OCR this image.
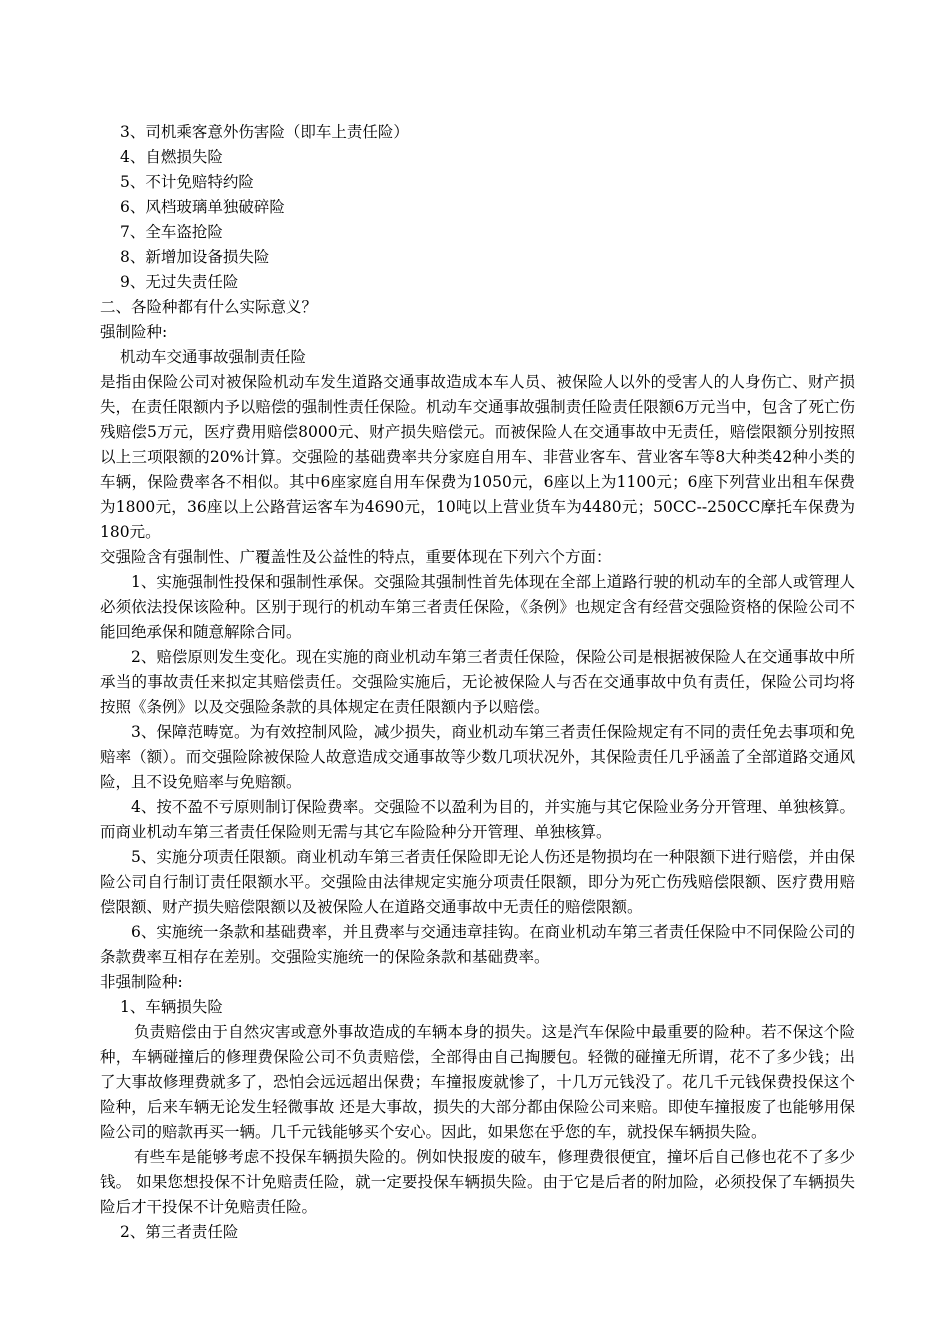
3、司机乘客意外伤害险（即车上责任险）

4、自燃损失险

5、不计免赔特约险

6、风档玻璃单独破碎险

7、全车盗抢险

8、新增加设备损失险

9、无过失责任险

二、各险种都有什么实际意义？

强制险种:

机动车交通事故强制责任险

是指由保险公司对被保险机动车发生道路交通事故造成本车人员、被保险人以外的受害人的人身伤亡、财产损失，在责任限额内予以赔偿的强制性责任保险。机动车交通事故强制责任险责任限额6万元当中，包含了死亡伤残赔偿5万元，医疗费用赔偿8000元、财产损失赔偿元。而被保险人在交通事故中无责任，赔偿限额分别按照以上三项限额的20%计算。交强险的基础费率共分家庭自用车、非营业客车、营业客车等8大种类42种小类的车辆，保险费率各不相似。其中6座家庭自用车保费为1050元，6座以上为1100元；6座下列营业出租车保费为1800元，36座以上公路营运客车为4690元，10吨以上营业货车为4480元；50CC--250CC摩托车保费为180元。

交强险含有强制性、广覆盖性及公益性的特点，重要体现在下列六个方面：

1、实施强制性投保和强制性承保。交强险其强制性首先体现在全部上道路行驶的机动车的全部人或管理人必须依法投保该险种。区别于现行的机动车第三者责任保险，《条例》也规定含有经营交强险资格的保险公司不能回绝承保和随意解除合同。

2、赔偿原则发生变化。现在实施的商业机动车第三者责任保险，保险公司是根据被保险人在交通事故中所承当的事故责任来拟定其赔偿责任。交强险实施后，无论被保险人与否在交通事故中负有责任，保险公司均将按照《条例》以及交强险条款的具体规定在责任限额内予以赔偿。

3、保障范畴宽。为有效控制风险，减少损失，商业机动车第三者责任保险规定有不同的责任免去事项和免赔率（额）。而交强险除被保险人故意造成交通事故等少数几项状况外，其保险责任几乎涵盖了全部道路交通风险，且不设免赔率与免赔额。

4、按不盈不亏原则制订保险费率。交强险不以盈利为目的，并实施与其它保险业务分开管理、单独核算。而商业机动车第三者责任保险则无需与其它车险险种分开管理、单独核算。

5、实施分项责任限额。商业机动车第三者责任保险即无论人伤还是物损均在一种限额下进行赔偿，并由保险公司自行制订责任限额水平。交强险由法律规定实施分项责任限额，即分为死亡伤残赔偿限额、医疗费用赔偿限额、财产损失赔偿限额以及被保险人在道路交通事故中无责任的赔偿限额。

6、实施统一条款和基础费率，并且费率与交通违章挂钩。在商业机动车第三者责任保险中不同保险公司的条款费率互相存在差别。交强险实施统一的保险条款和基础费率。

非强制险种:

1、车辆损失险

负责赔偿由于自然灾害或意外事故造成的车辆本身的损失。这是汽车保险中最重要的险种。若不保这个险种，车辆碰撞后的修理费保险公司不负责赔偿，全部得由自己掏腰包。轻微的碰撞无所谓，花不了多少钱；出了大事故修理费就多了，恐怕会远远超出保费；车撞报废就惨了，十几万元钱没了。花几千元钱保费投保这个险种，后来车辆无论发生轻微事故 还是大事故，损失的大部分都由保险公司来赔。即使车撞报废了也能够用保险公司的赔款再买一辆。几千元钱能够买个安心。因此，如果您在乎您的车，就投保车辆损失险。

有些车是能够考虑不投保车辆损失险的。例如快报废的破车，修理费很便宜，撞坏后自己修也花不了多少钱。 如果您想投保不计免赔责任险，就一定要投保车辆损失险。由于它是后者的附加险，必须投保了车辆损失险后才干投保不计免赔责任险。

2、第三者责任险
